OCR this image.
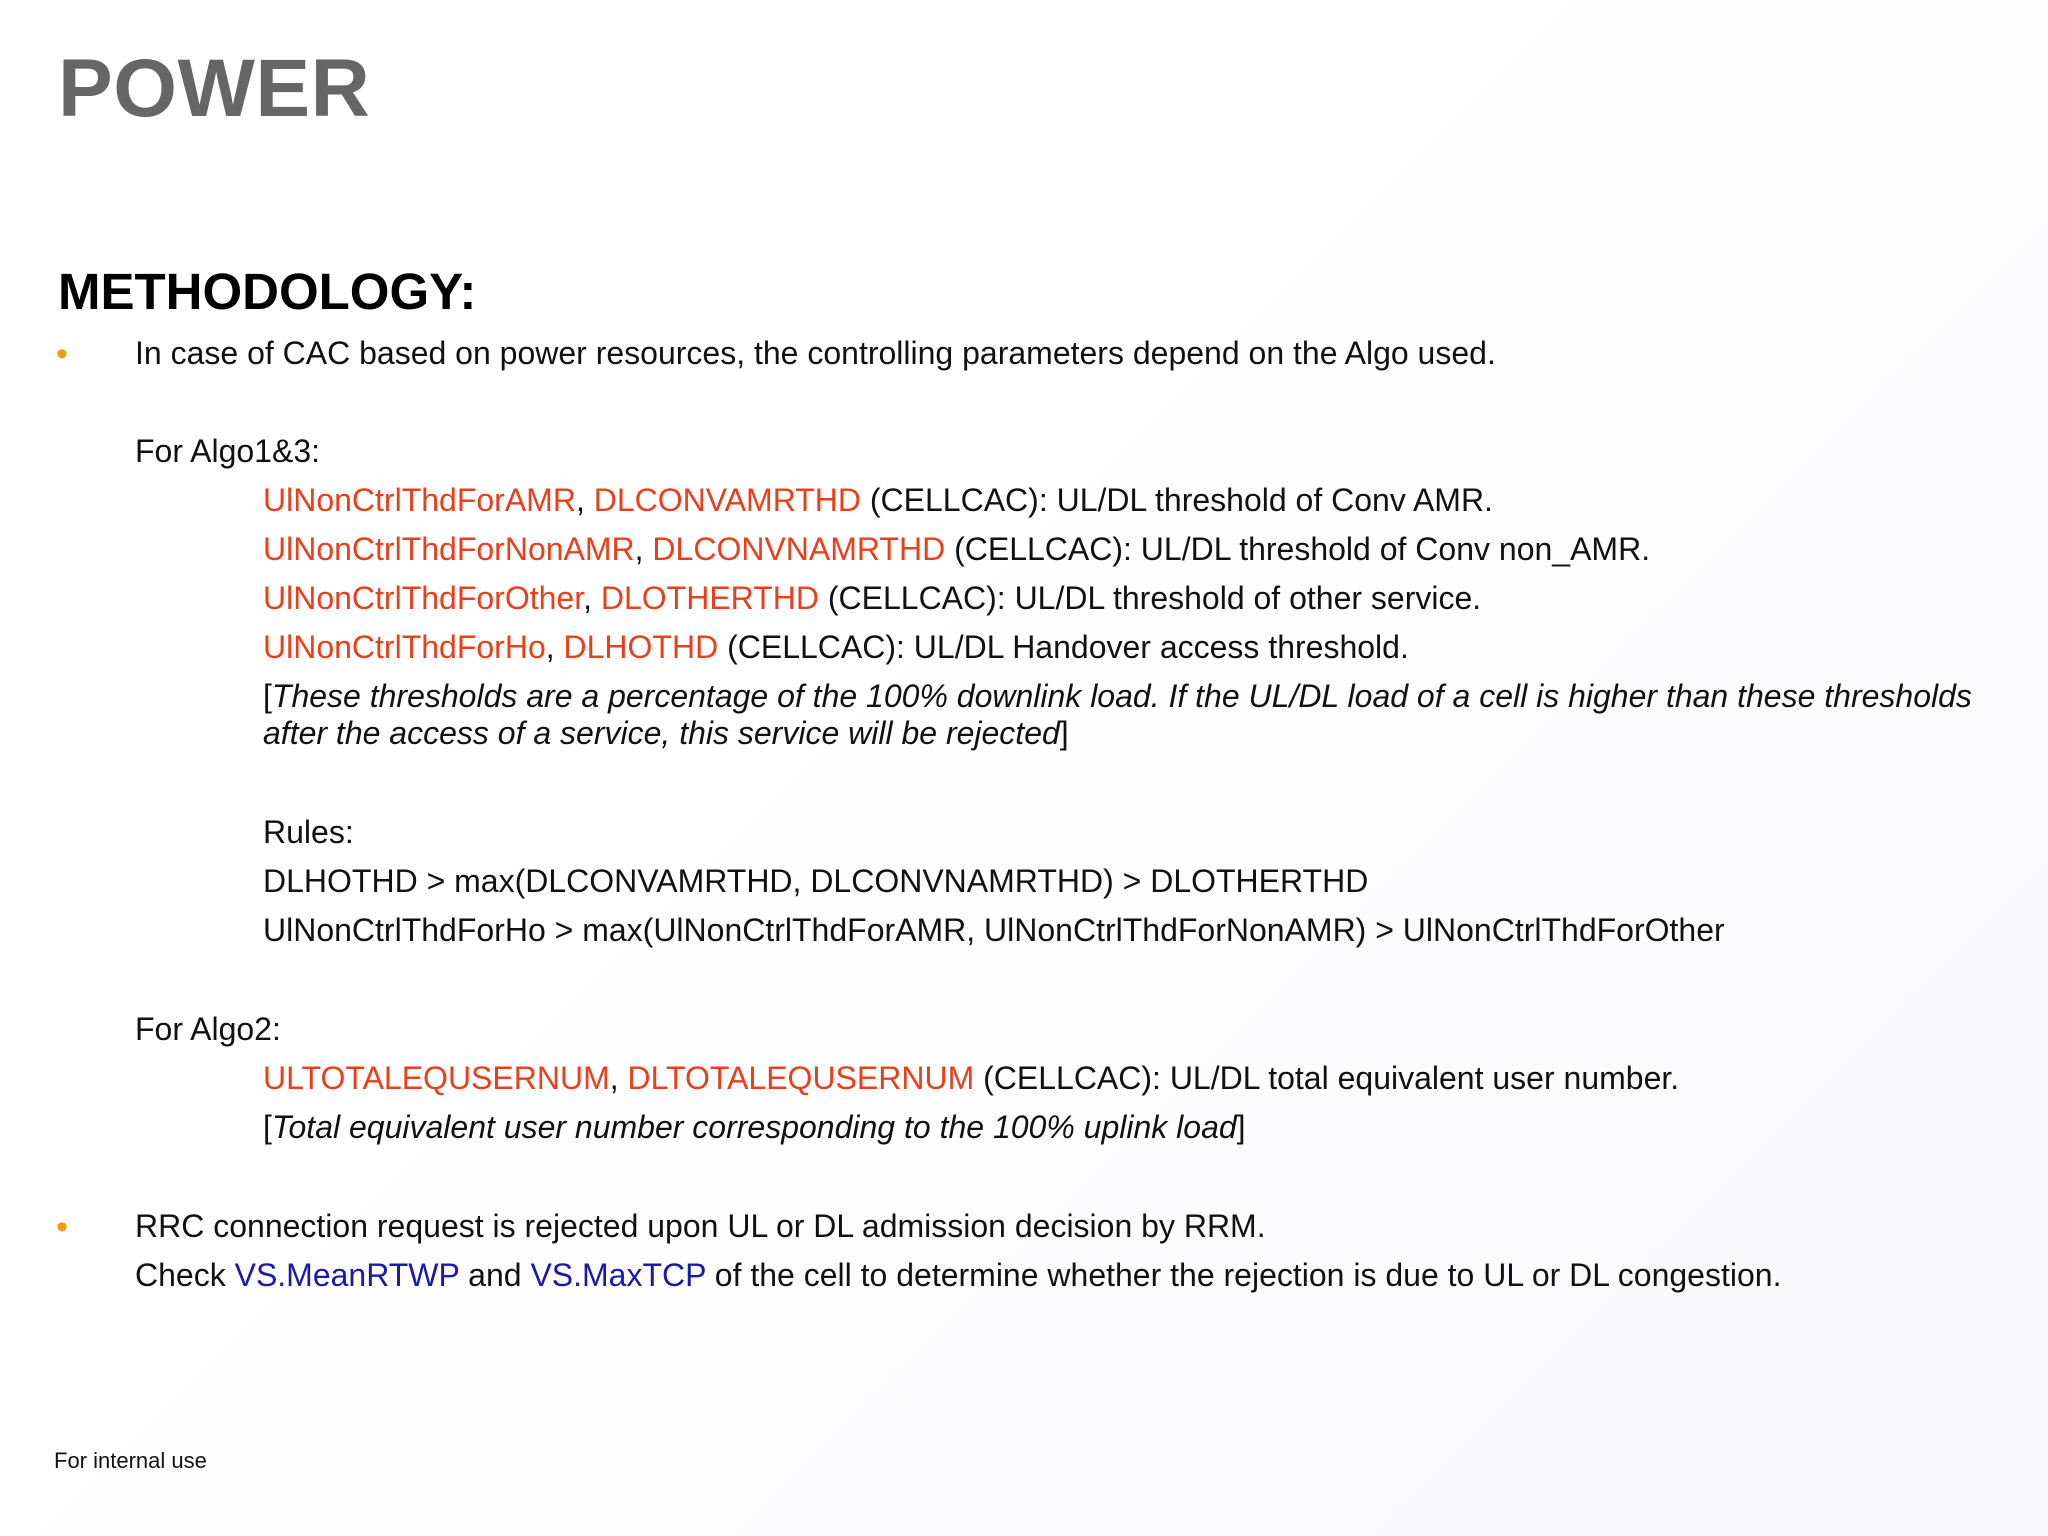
POWER
METHODOLOGY:
• In case of CAC based on power resources, the controlling parameters depend on the Algo used.
For Algo1&3:
UlNonCtrlThdForAMR, DLCONVAMRTHD (CELLCAC): UL/DL threshold of Conv AMR.
UlNonCtrlThdForNonAMR, DLCONVNAMRTHD (CELLCAC): UL/DL threshold of Conv non_AMR.
UlNonCtrlThdForOther, DLOTHERTHD (CELLCAC): UL/DL threshold of other service.
UlNonCtrlThdForHo, DLHOTHD (CELLCAC): UL/DL Handover access threshold.
[These thresholds are a percentage of the 100% downlink load. If the UL/DL load of a cell is higher than these thresholds after the access of a service, this service will be rejected]
Rules:
DLHOTHD > max(DLCONVAMRTHD, DLCONVNAMRTHD) > DLOTHERTHD
UlNonCtrlThdForHo > max(UlNonCtrlThdForAMR, UlNonCtrlThdForNonAMR) > UlNonCtrlThdForOther
For Algo2:
ULTOTALEQUSERNUM, DLTOTALEQUSERNUM (CELLCAC): UL/DL total equivalent user number.
[Total equivalent user number corresponding to the 100% uplink load]
• RRC connection request is rejected upon UL or DL admission decision by RRM.
Check VS.MeanRTWP and VS.MaxTCP of the cell to determine whether the rejection is due to UL or DL congestion.
For internal use
